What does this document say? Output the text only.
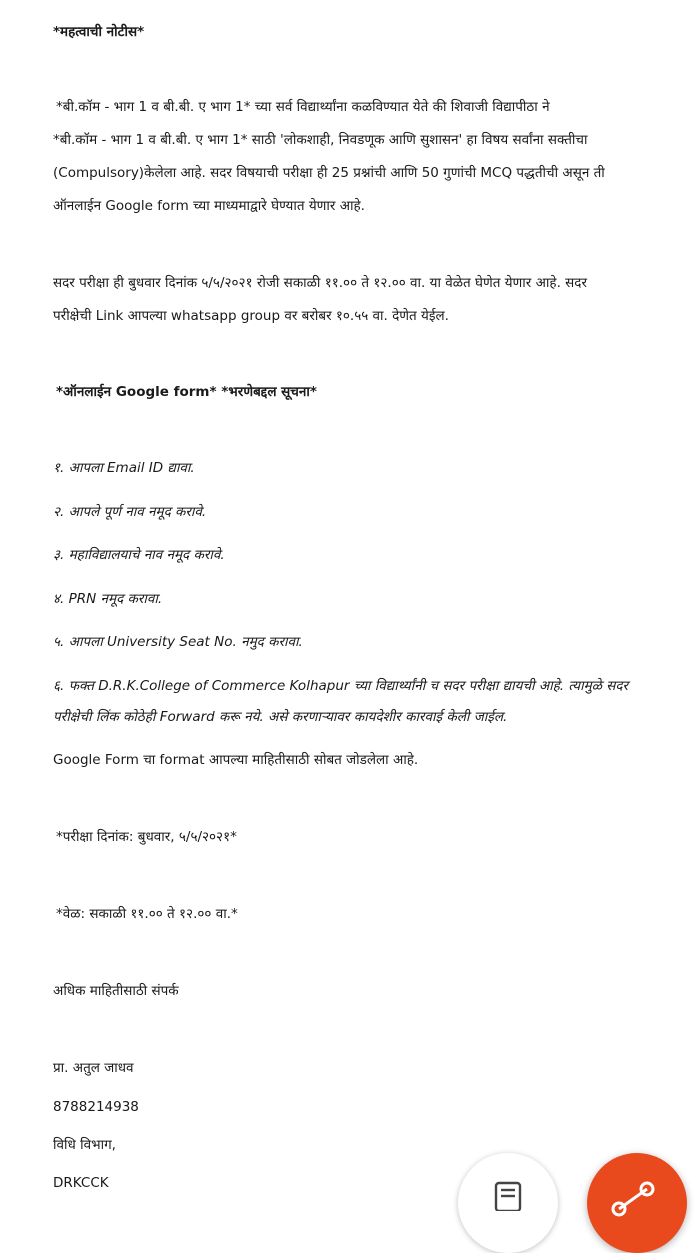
*महत्वाची नोटीस*
*बी.कॉम - भाग 1 व बी.बी. ए भाग 1* च्या सर्व विद्यार्थ्यांना कळविण्यात येते की शिवाजी विद्यापीठा ने
*बी.कॉम - भाग 1 व बी.बी. ए भाग 1* साठी 'लोकशाही, निवडणूक आणि सुशासन' हा विषय सर्वांना सक्तीचा
(Compulsory)केलेला आहे. सदर विषयाची परीक्षा ही 25 प्रश्नांची आणि 50 गुणांची MCQ पद्धतीची असून ती
ऑनलाईन Google form च्या माध्यमाद्वारे घेण्यात येणार आहे.
सदर परीक्षा ही बुधवार दिनांक ५/५/२०२१ रोजी सकाळी ११.०० ते १२.०० वा. या वेळेत घेणेत येणार आहे. सदर
परीक्षेची Link आपल्या whatsapp group वर बरोबर १०.५५ वा. देणेत येईल.
*ऑनलाईन Google form* *भरणेबद्दल सूचना*
१. आपला Email ID द्यावा.
२. आपले पूर्ण नाव नमूद करावे.
३. महाविद्यालयाचे नाव नमूद करावे.
४. PRN नमूद करावा.
५. आपला University Seat No. नमुद करावा.
६. फक्त D.R.K.College of Commerce Kolhapur च्या विद्यार्थ्यांनी च सदर परीक्षा द्यायची आहे. त्यामुळे सदर
परीक्षेची लिंक कोठेही Forward करू नये. असे करणाऱ्यावर कायदेशीर कारवाई केली जाईल.
Google Form चा format आपल्या माहितीसाठी सोबत जोडलेला आहे.
*परीक्षा दिनांक: बुधवार, ५/५/२०२१*
*वेळ: सकाळी ११.०० ते १२.०० वा.*
अधिक माहितीसाठी संपर्क
प्रा. अतुल जाधव
8788214938
विधि विभाग,
DRKCCK
